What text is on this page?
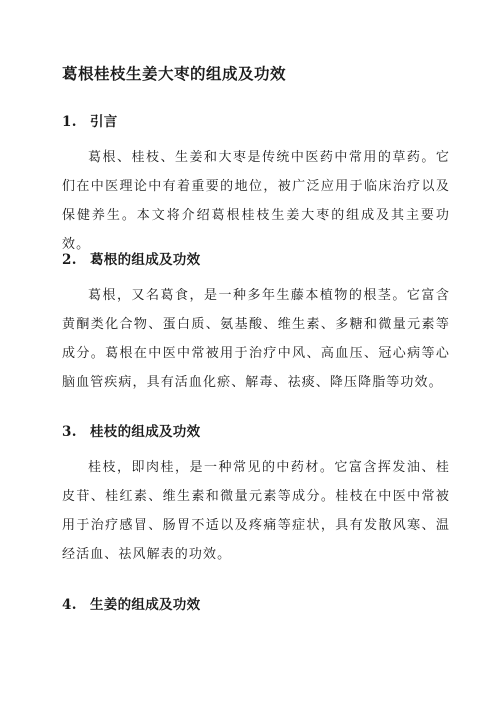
葛根桂枝生姜大枣的组成及功效
1. 引言
葛根、桂枝、生姜和大枣是传统中医药中常用的草药。它们在中医理论中有着重要的地位，被广泛应用于临床治疗以及保健养生。本文将介绍葛根桂枝生姜大枣的组成及其主要功效。
2. 葛根的组成及功效
葛根，又名葛食，是一种多年生藤本植物的根茎。它富含黄酮类化合物、蛋白质、氨基酸、维生素、多糖和微量元素等成分。葛根在中医中常被用于治疗中风、高血压、冠心病等心脑血管疾病，具有活血化瘀、解毒、祛痰、降压降脂等功效。
3. 桂枝的组成及功效
桂枝，即肉桂，是一种常见的中药材。它富含挥发油、桂皮苷、桂红素、维生素和微量元素等成分。桂枝在中医中常被用于治疗感冒、肠胃不适以及疼痛等症状，具有发散风寒、温经活血、祛风解表的功效。
4. 生姜的组成及功效
